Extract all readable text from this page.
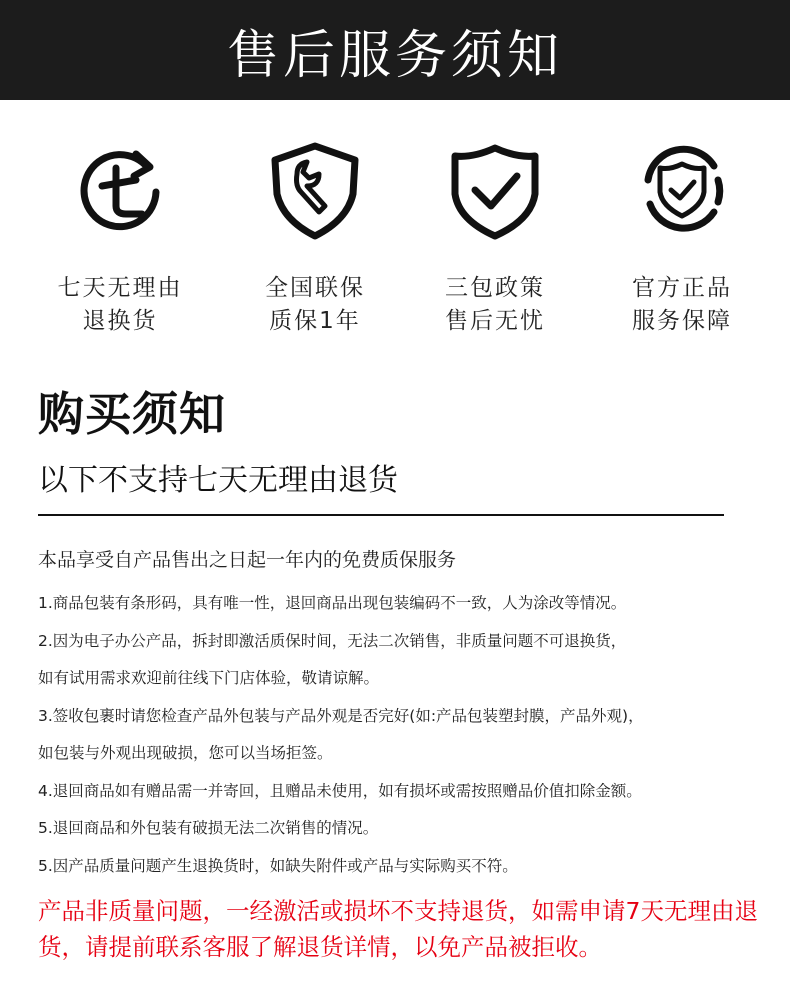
售后服务须知
七天无理由
退换货
全国联保
质保1年
三包政策
售后无忧
官方正品
服务保障
购买须知
以下不支持七天无理由退货
本品享受自产品售出之日起一年内的免费质保服务
1.商品包装有条形码，具有唯一性，退回商品出现包装编码不一致，人为涂改等情况。
2.因为电子办公产品，拆封即激活质保时间，无法二次销售，非质量问题不可退换货，
如有试用需求欢迎前往线下门店体验，敬请谅解。
3.签收包裹时请您检查产品外包装与产品外观是否完好(如:产品包装塑封膜，产品外观)，
如包装与外观出现破损，您可以当场拒签。
4.退回商品如有赠品需一并寄回，且赠品未使用，如有损坏或需按照赠品价值扣除金额。
5.退回商品和外包装有破损无法二次销售的情况。
5.因产品质量问题产生退换货时，如缺失附件或产品与实际购买不符。
产品非质量问题，一经激活或损坏不支持退货，如需申请7天无理由退货，请提前联系客服了解退货详情，以免产品被拒收。
